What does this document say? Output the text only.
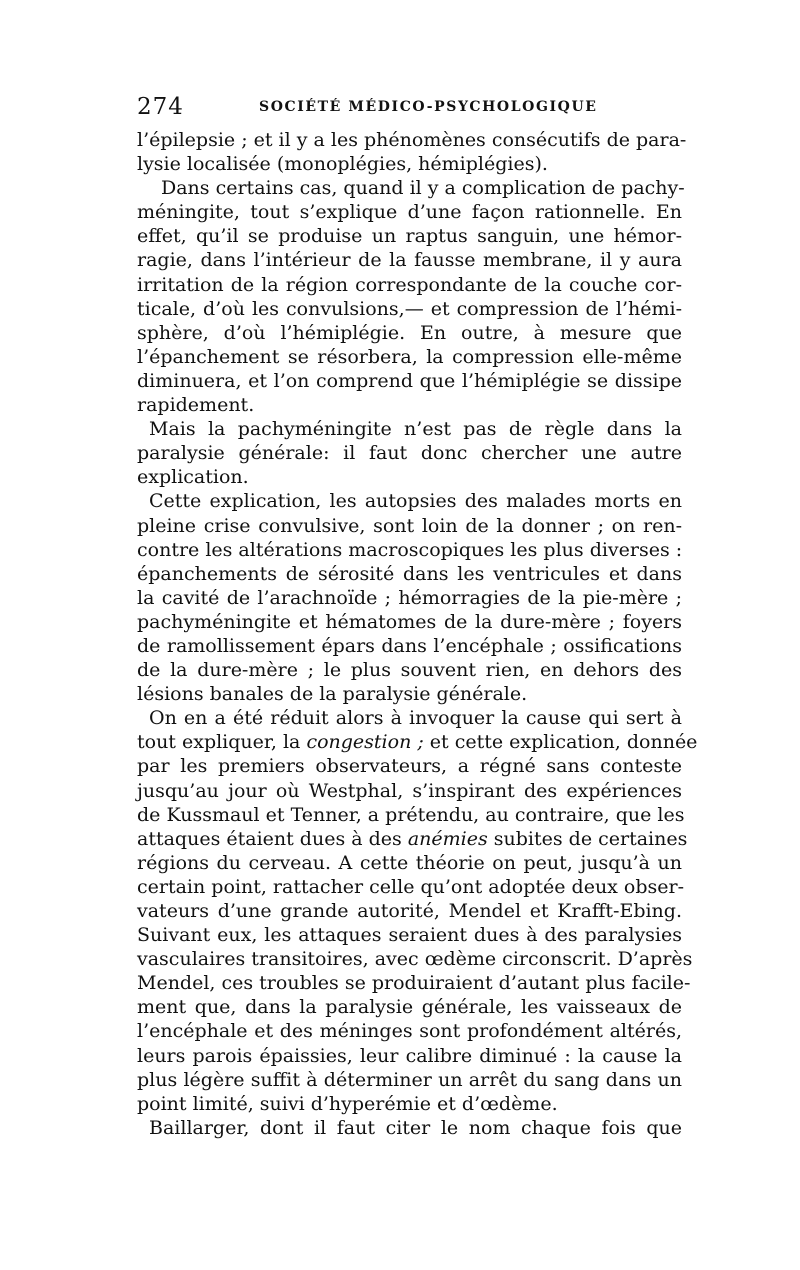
274	SOCIÉTÉ MÉDICO-PSYCHOLOGIQUE
l’épilepsie ; et il y a les phénomènes consécutifs de para-
lysie localisée (monoplégies, hémiplégies).
Dans certains cas, quand il y a complication de pachy-
méningite, tout s’explique d’une façon rationnelle. En
effet, qu’il se produise un raptus sanguin, une hémor-
ragie, dans l’intérieur de la fausse membrane, il y aura
irritation de la région correspondante de la couche cor-
ticale, d’où les convulsions,— et compression de l’hémi-
sphère, d’où l’hémiplégie. En outre, à mesure que
l’épanchement se résorbera, la compression elle-même
diminuera, et l’on comprend que l’hémiplégie se dissipe
rapidement.
Mais la pachyméningite n’est pas de règle dans la
paralysie générale: il faut donc chercher une autre
explication.
Cette explication, les autopsies des malades morts en
pleine crise convulsive, sont loin de la donner ; on ren-
contre les altérations macroscopiques les plus diverses :
épanchements de sérosité dans les ventricules et dans
la cavité de l’arachnoïde ; hémorragies de la pie-mère ;
pachyméningite et hématomes de la dure-mère ; foyers
de ramollissement épars dans l’encéphale ; ossifications
de la dure-mère ; le plus souvent rien, en dehors des
lésions banales de la paralysie générale.
On en a été réduit alors à invoquer la cause qui sert à
tout expliquer, la congestion ; et cette explication, donnée
par les premiers observateurs, a régné sans conteste
jusqu’au jour où Westphal, s’inspirant des expériences
de Kussmaul et Tenner, a prétendu, au contraire, que les
attaques étaient dues à des anémies subites de certaines
régions du cerveau. A cette théorie on peut, jusqu’à un
certain point, rattacher celle qu’ont adoptée deux obser-
vateurs d’une grande autorité, Mendel et Krafft-Ebing.
Suivant eux, les attaques seraient dues à des paralysies
vasculaires transitoires, avec œdème circonscrit. D’après
Mendel, ces troubles se produiraient d’autant plus facile-
ment que, dans la paralysie générale, les vaisseaux de
l’encéphale et des méninges sont profondément altérés,
leurs parois épaissies, leur calibre diminué : la cause la
plus légère suffit à déterminer un arrêt du sang dans un
point limité, suivi d’hyperémie et d’œdème.
Baillarger, dont il faut citer le nom chaque fois que
